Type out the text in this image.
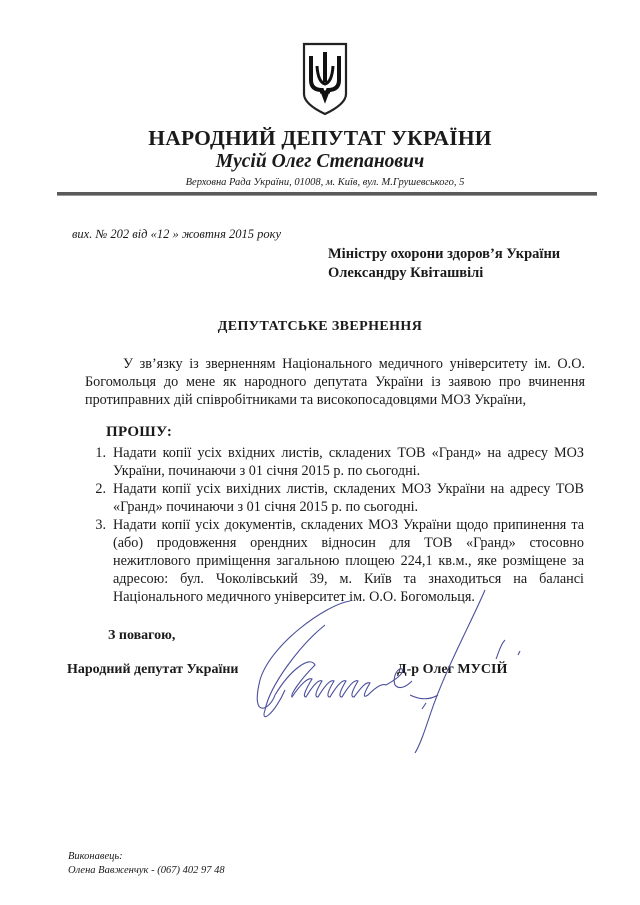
НАРОДНИЙ ДЕПУТАТ УКРАЇНИ
Мусій Олег Степанович
Верховна Рада України, 01008, м. Київ, вул. М.Грушевського, 5
вих. № 202 від «12 » жовтня 2015 року
Міністру охорони здоров’я України
Олександру Квіташвілі
ДЕПУТАТСЬКЕ ЗВЕРНЕННЯ
У зв’язку із зверненням Національного медичного університету ім. О.О. Богомольця до мене як народного депутата України із заявою про вчинення протиправних дій співробітниками та високопосадовцями МОЗ України,
ПРОШУ:
1. Надати копії усіх вхідних листів, складених ТОВ «Гранд» на адресу МОЗ України, починаючи з 01 січня 2015 р. по сьогодні.
2. Надати копії усіх вихідних листів, складених МОЗ України на адресу ТОВ «Гранд» починаючи з 01 січня 2015 р. по сьогодні.
3. Надати копії усіх документів, складених МОЗ України щодо припинення та (або) продовження орендних відносин для ТОВ «Гранд» стосовно нежитлового приміщення загальною площею 224,1 кв.м., яке розміщене за адресою: бул. Чоколівський 39, м. Київ та знаходиться на балансі Національного медичного університет ім. О.О. Богомольця.
З повагою,
Народний депутат України	Д-р Олег МУСІЙ
Виконавець:
Олена Вавженчук - (067) 402 97 48
